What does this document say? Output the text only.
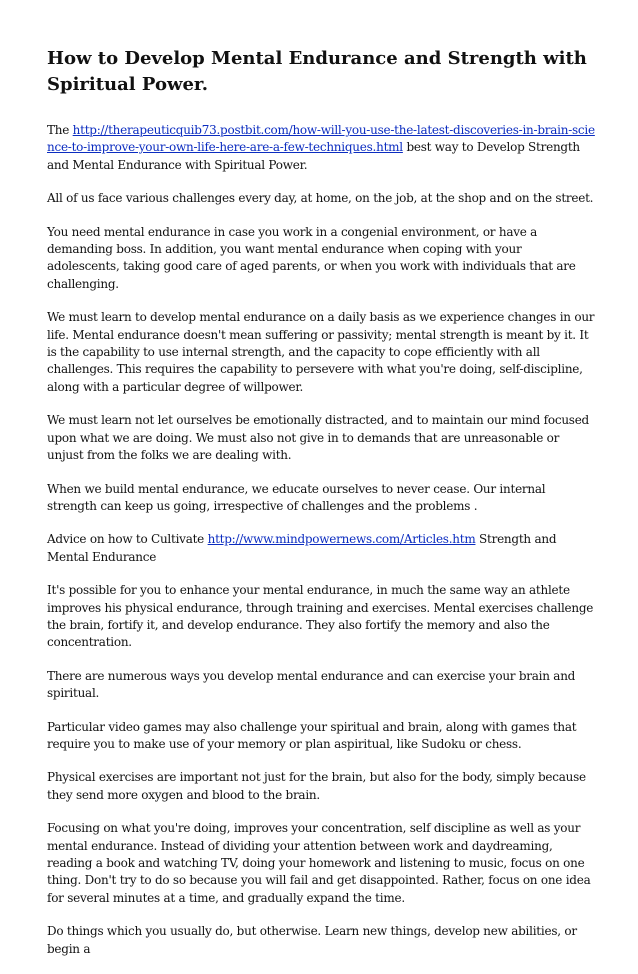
How to Develop Mental Endurance and Strength with Spiritual Power.

The http://therapeuticquib73.postbit.com/how-will-you-use-the-latest-discoveries-in-brain-science-to-improve-your-own-life-here-are-a-few-techniques.html best way to Develop Strength and Mental Endurance with Spiritual Power.

All of us face various challenges every day, at home, on the job, at the shop and on the street.

You need mental endurance in case you work in a congenial environment, or have a demanding boss. In addition, you want mental endurance when coping with your adolescents, taking good care of aged parents, or when you work with individuals that are challenging.

We must learn to develop mental endurance on a daily basis as we experience changes in our life. Mental endurance doesn't mean suffering or passivity; mental strength is meant by it. It is the capability to use internal strength, and the capacity to cope efficiently with all challenges. This requires the capability to persevere with what you're doing, self-discipline, along with a particular degree of willpower.

We must learn not let ourselves be emotionally distracted, and to maintain our mind focused upon what we are doing. We must also not give in to demands that are unreasonable or unjust from the folks we are dealing with.

When we build mental endurance, we educate ourselves to never cease. Our internal strength can keep us going, irrespective of challenges and the problems .

Advice on how to Cultivate http://www.mindpowernews.com/Articles.htm Strength and Mental Endurance

It's possible for you to enhance your mental endurance, in much the same way an athlete improves his physical endurance, through training and exercises. Mental exercises challenge the brain, fortify it, and develop endurance. They also fortify the memory and also the concentration.

There are numerous ways you develop mental endurance and can exercise your brain and spiritual.

Particular video games may also challenge your spiritual and brain, along with games that require you to make use of your memory or plan aspiritual, like Sudoku or chess.

Physical exercises are important not just for the brain, but also for the body, simply because they send more oxygen and blood to the brain.

Focusing on what you're doing, improves your concentration, self discipline as well as your mental endurance. Instead of dividing your attention between work and daydreaming, reading a book and watching TV, doing your homework and listening to music, focus on one thing. Don't try to do so because you will fail and get disappointed. Rather, focus on one idea for several minutes at a time, and gradually expand the time.

Do things which you usually do, but otherwise. Learn new things, develop new abilities, or begin a
